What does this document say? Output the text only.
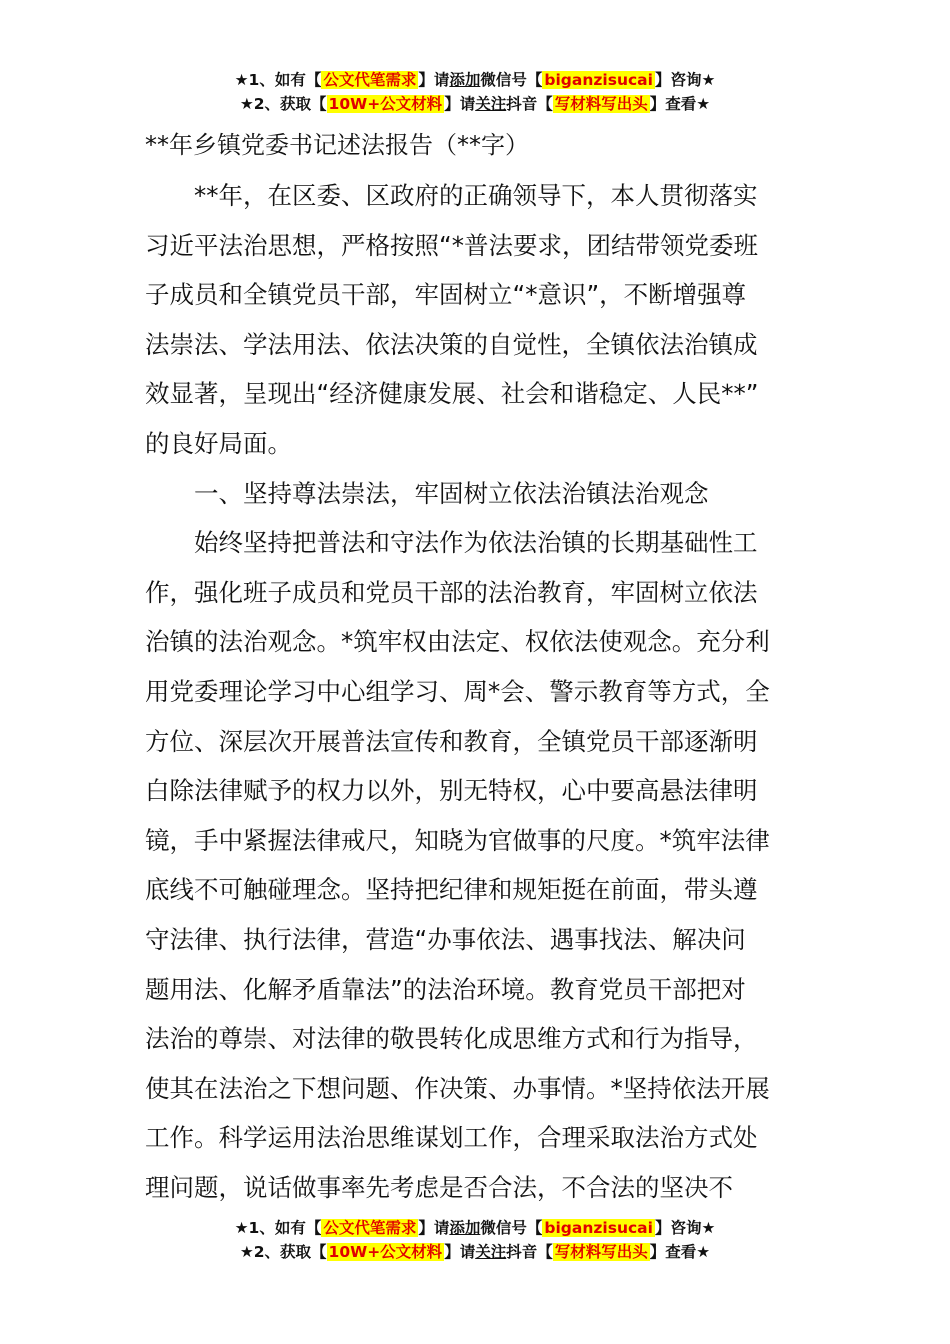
★1、如有【 公文代笔需求 】请添加微信号【 biganzisucai 】咨询★
★2、获取【 10W+公文材料 】请关注抖音【 写材料写出头 】查看★
**年乡镇党委书记述法报告（**字）
　　**年，在区委、区政府的正确领导下，本人贯彻落实
习近平法治思想，严格按照“*普法要求，团结带领党委班
子成员和全镇党员干部，牢固树立“*意识”，不断增强尊
法崇法、学法用法、依法决策的自觉性，全镇依法治镇成
效显著，呈现出“经济健康发展、社会和谐稳定、人民**”
的良好局面。
　　一、坚持尊法崇法，牢固树立依法治镇法治观念
　　始终坚持把普法和守法作为依法治镇的长期基础性工
作，强化班子成员和党员干部的法治教育，牢固树立依法
治镇的法治观念。*筑牢权由法定、权依法使观念。充分利
用党委理论学习中心组学习、周*会、警示教育等方式，全
方位、深层次开展普法宣传和教育，全镇党员干部逐渐明
白除法律赋予的权力以外，别无特权，心中要高悬法律明
镜，手中紧握法律戒尺，知晓为官做事的尺度。*筑牢法律
底线不可触碰理念。坚持把纪律和规矩挺在前面，带头遵
守法律、执行法律，营造“办事依法、遇事找法、解决问
题用法、化解矛盾靠法”的法治环境。教育党员干部把对
法治的尊崇、对法律的敬畏转化成思维方式和行为指导，
使其在法治之下想问题、作决策、办事情。*坚持依法开展
工作。科学运用法治思维谋划工作，合理采取法治方式处
理问题，说话做事率先考虑是否合法，不合法的坚决不
★1、如有【 公文代笔需求 】请添加微信号【 biganzisucai 】咨询★
★2、获取【 10W+公文材料 】请关注抖音【 写材料写出头 】查看★
